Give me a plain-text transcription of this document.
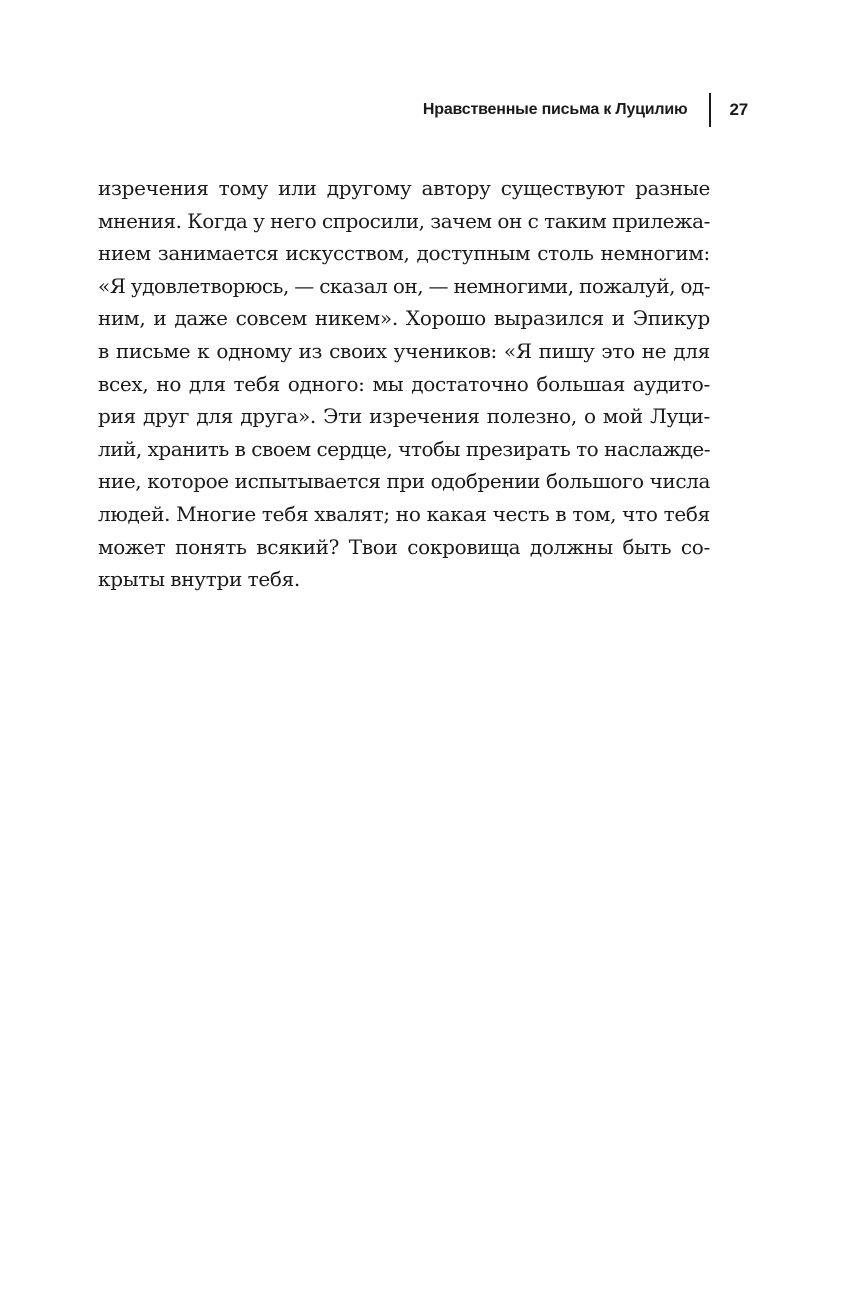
Нравственные письма к Луцилию 27
изречения тому или другому автору существуют разные
мнения. Когда у него спросили, зачем он с таким прилежа-
нием занимается искусством, доступным столь немногим:
«Я удовлетворюсь, — сказал он, — немногими, пожалуй, од-
ним, и даже совсем никем». Хорошо выразился и Эпикур
в письме к одному из своих учеников: «Я пишу это не для
всех, но для тебя одного: мы достаточно большая аудито-
рия друг для друга». Эти изречения полезно, о мой Луци-
лий, хранить в своем сердце, чтобы презирать то наслажде-
ние, которое испытывается при одобрении большого числа
людей. Многие тебя хвалят; но какая честь в том, что тебя
может понять всякий? Твои сокровища должны быть со-
крыты внутри тебя.
